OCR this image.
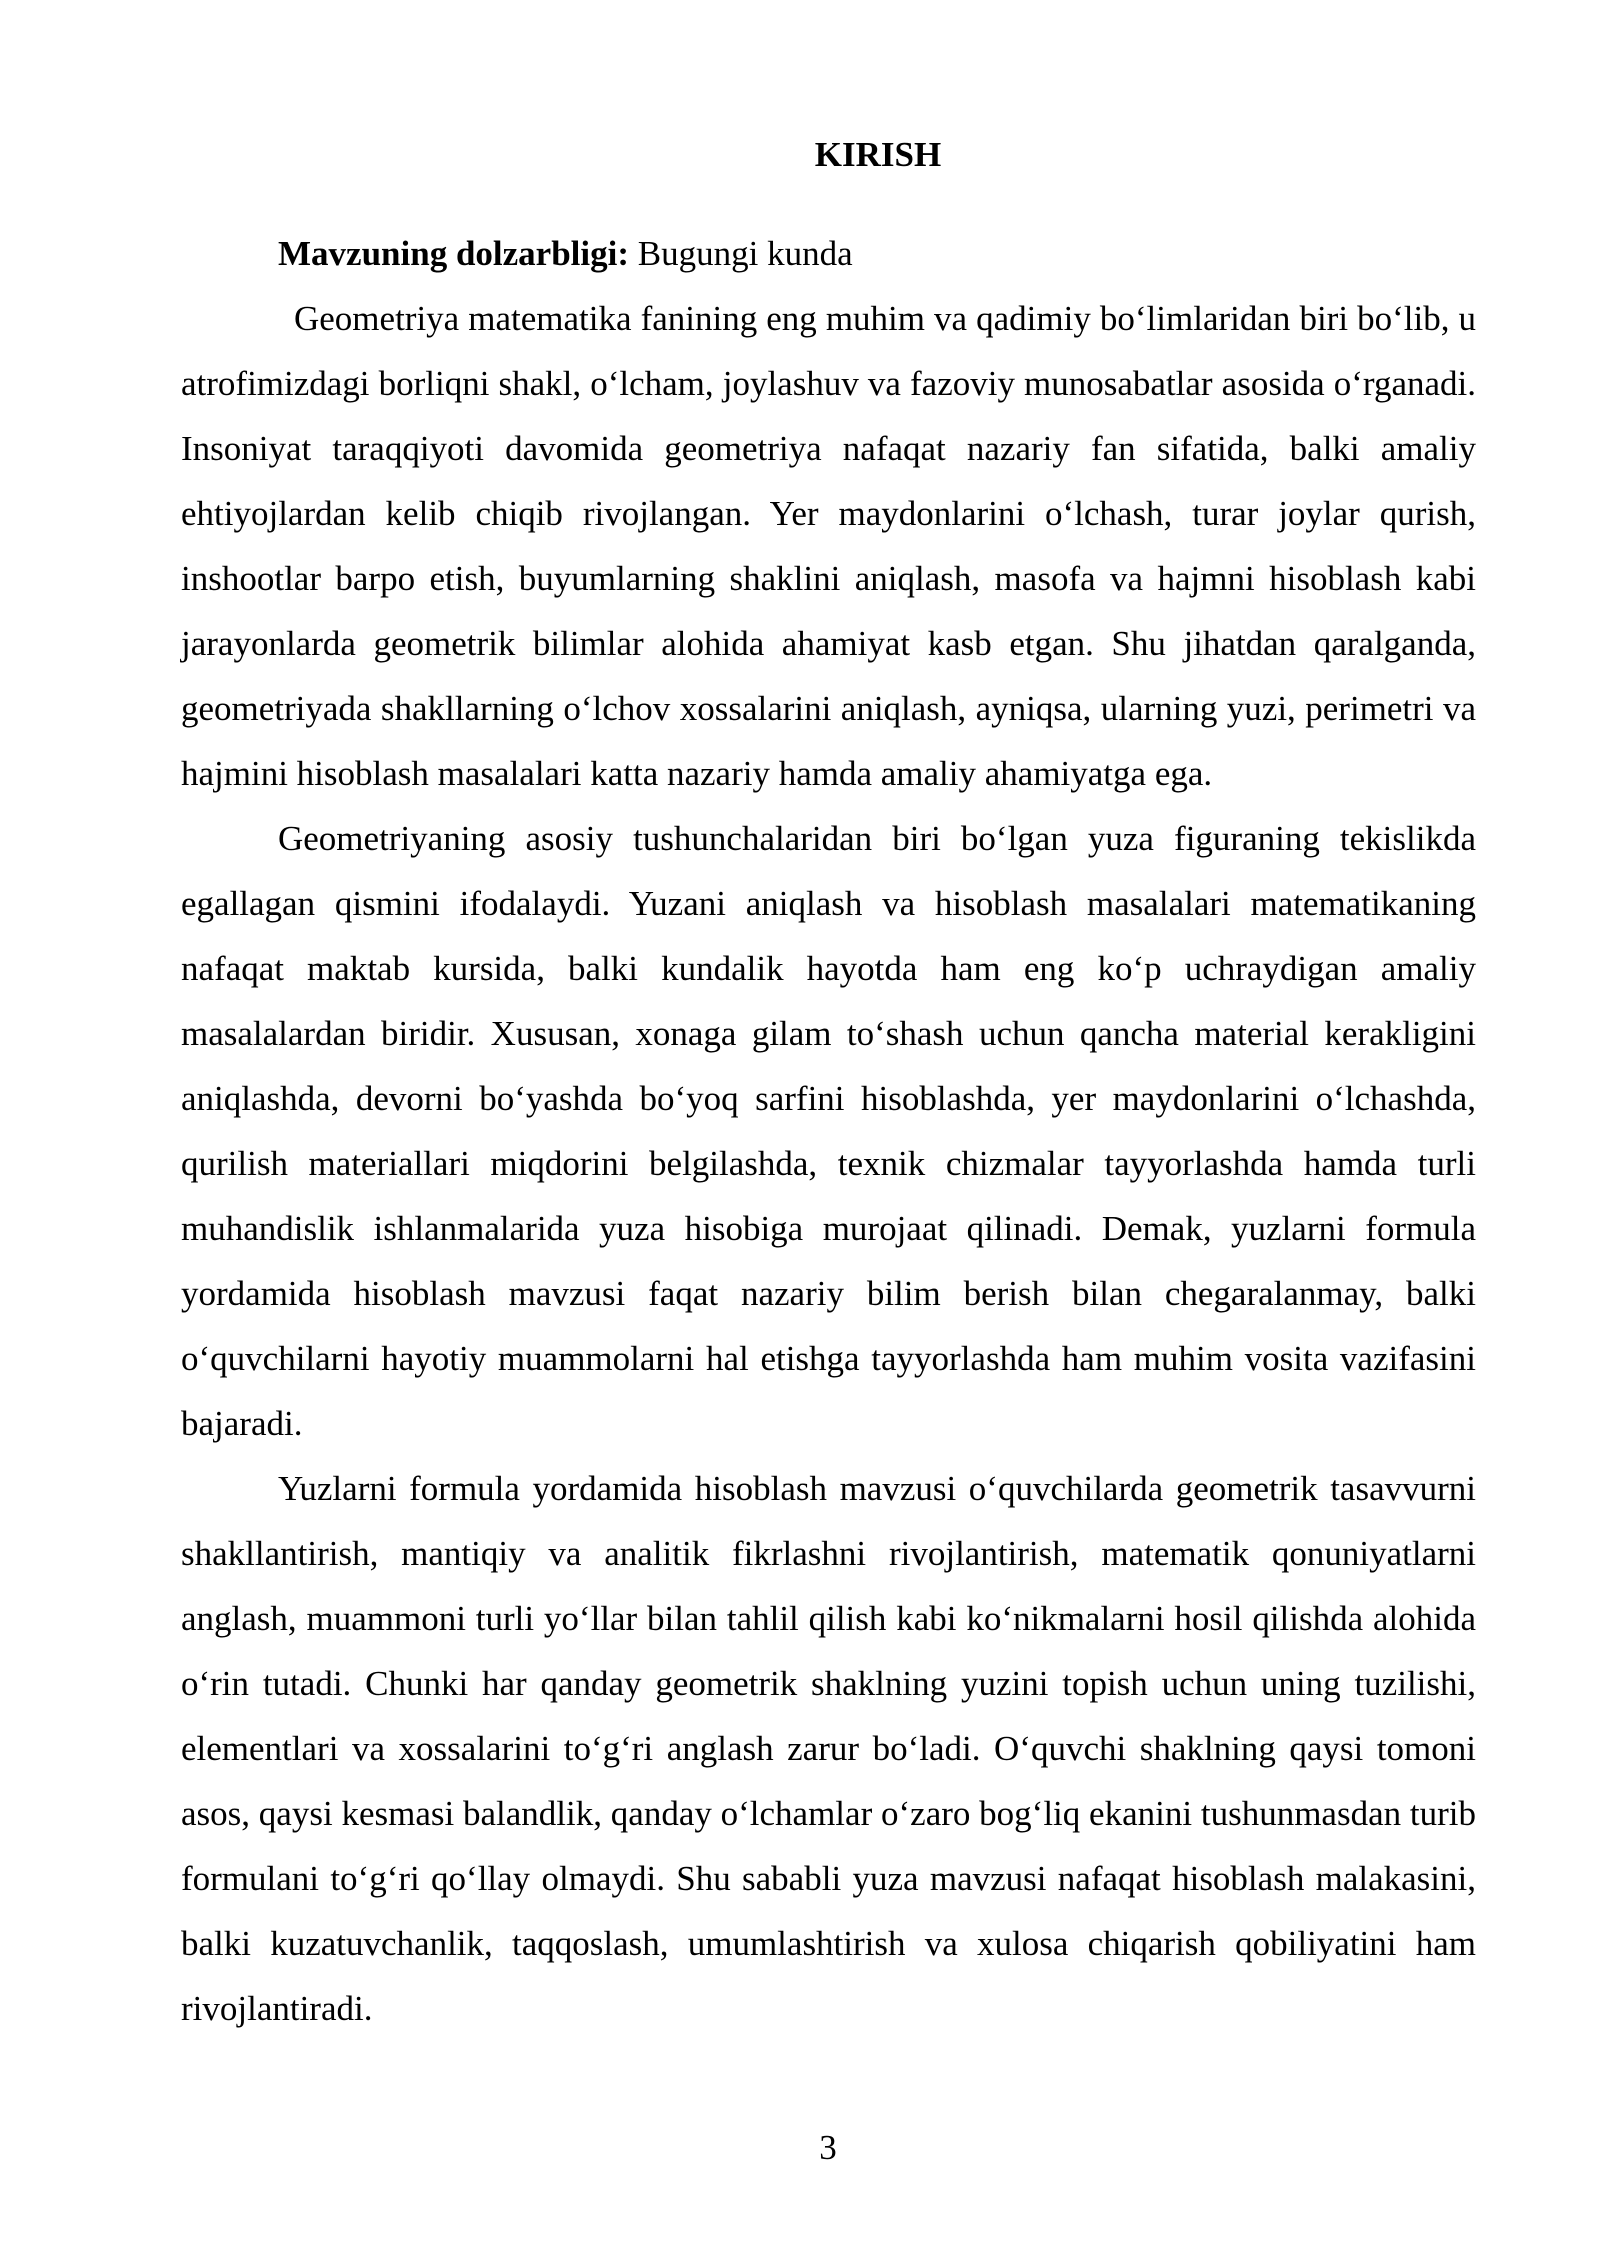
KIRISH

Mavzuning dolzarbligi: Bugungi kunda

Geometriya matematika fanining eng muhim va qadimiy bo‘limlaridan biri bo‘lib, u atrofimizdagi borliqni shakl, o‘lcham, joylashuv va fazoviy munosabatlar asosida o‘rganadi. Insoniyat taraqqiyoti davomida geometriya nafaqat nazariy fan sifatida, balki amaliy ehtiyojlardan kelib chiqib rivojlangan. Yer maydonlarini o‘lchash, turar joylar qurish, inshootlar barpo etish, buyumlarning shaklini aniqlash, masofa va hajmni hisoblash kabi jarayonlarda geometrik bilimlar alohida ahamiyat kasb etgan. Shu jihatdan qaralganda, geometriyada shakllarning o‘lchov xossalarini aniqlash, ayniqsa, ularning yuzi, perimetri va hajmini hisoblash masalalari katta nazariy hamda amaliy ahamiyatga ega.

Geometriyaning asosiy tushunchalaridan biri bo‘lgan yuza figuraning tekislikda egallagan qismini ifodalaydi. Yuzani aniqlash va hisoblash masalalari matematikaning nafaqat maktab kursida, balki kundalik hayotda ham eng ko‘p uchraydigan amaliy masalalardan biridir. Xususan, xonaga gilam to‘shash uchun qancha material kerakligini aniqlashda, devorni bo‘yashda bo‘yoq sarfini hisoblashda, yer maydonlarini o‘lchashda, qurilish materiallari miqdorini belgilashda, texnik chizmalar tayyorlashda hamda turli muhandislik ishlanmalarida yuza hisobiga murojaat qilinadi. Demak, yuzlarni formula yordamida hisoblash mavzusi faqat nazariy bilim berish bilan chegaralanmay, balki o‘quvchilarni hayotiy muammolarni hal etishga tayyorlashda ham muhim vosita vazifasini bajaradi.

Yuzlarni formula yordamida hisoblash mavzusi o‘quvchilarda geometrik tasavvurni shakllantirish, mantiqiy va analitik fikrlashni rivojlantirish, matematik qonuniyatlarni anglash, muammoni turli yo‘llar bilan tahlil qilish kabi ko‘nikmalarni hosil qilishda alohida o‘rin tutadi. Chunki har qanday geometrik shaklning yuzini topish uchun uning tuzilishi, elementlari va xossalarini to‘g‘ri anglash zarur bo‘ladi. O‘quvchi shaklning qaysi tomoni asos, qaysi kesmasi balandlik, qanday o‘lchamlar o‘zaro bog‘liq ekanini tushunmasdan turib formulani to‘g‘ri qo‘llay olmaydi. Shu sababli yuza mavzusi nafaqat hisoblash malakasini, balki kuzatuvchanlik, taqqoslash, umumlashtirish va xulosa chiqarish qobiliyatini ham rivojlantiradi.

3
